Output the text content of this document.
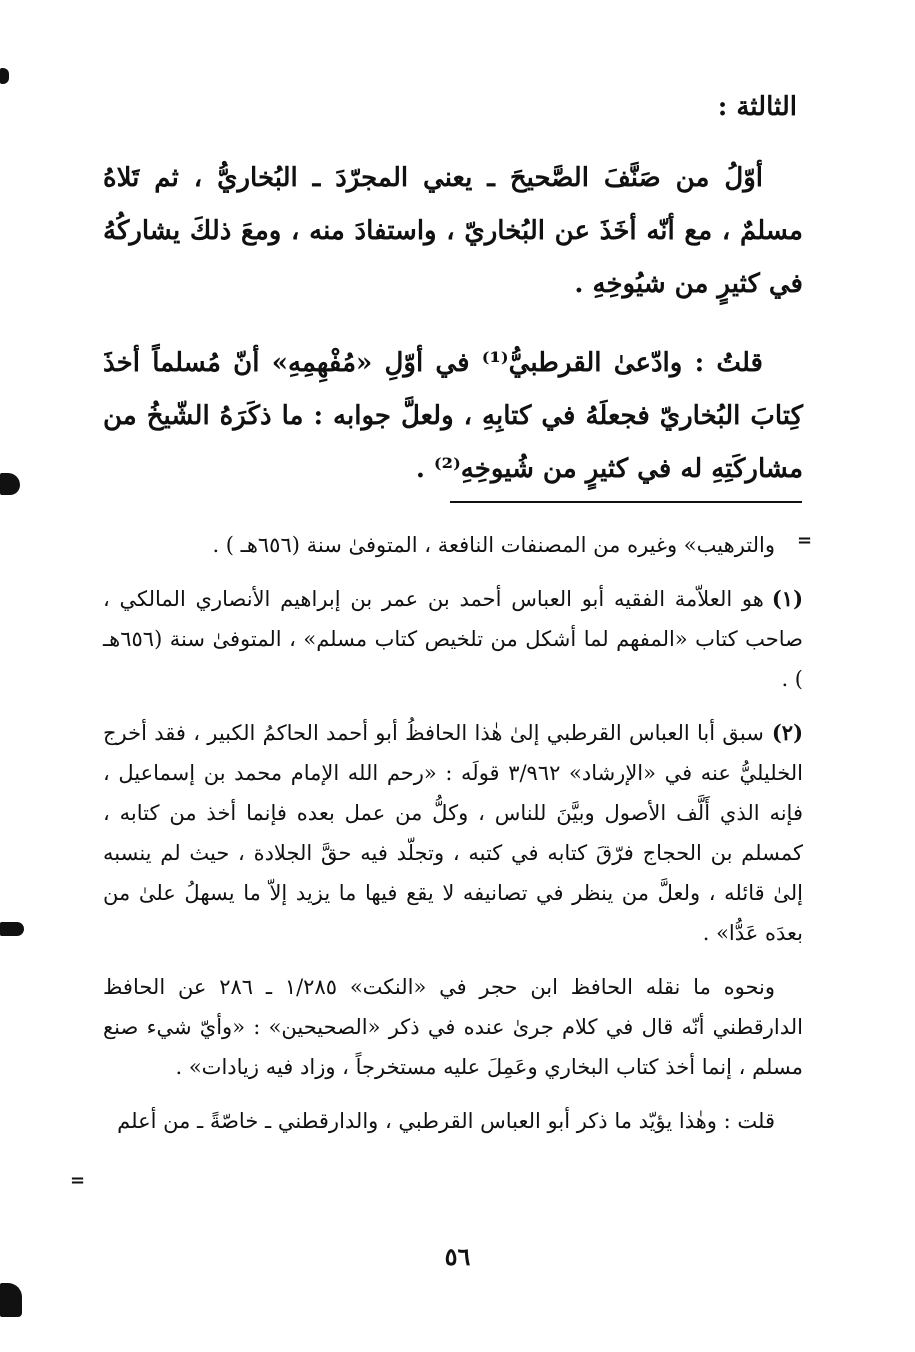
الثالثة :

أوّلُ من صَنَّفَ الصَّحيحَ ـ يعني المجرّدَ ـ البُخاريُّ ، ثم تَلاهُ مسلمٌ ، مع أنّه أخَذَ عن البُخاريّ ، واستفادَ منه ، ومعَ ذلكَ يشاركُهُ في كثيرٍ من شيُوخِهِ .

قلتُ : وادّعىٰ القرطبيُّ⁽¹⁾ في أوّلِ «مُفْهِمِهِ» أنّ مُسلماً أخذَ كِتابَ البُخاريّ فجعلَهُ في كتابِهِ ، ولعلَّ جوابه : ما ذكَرَهُ الشّيخُ من مشاركَتِهِ له في كثيرٍ من شُيوخِهِ⁽²⁾ .

=

والترهيب» وغيره من المصنفات النافعة ، المتوفىٰ سنة (٦٥٦هـ ) .

(١)هو العلاّمة الفقيه أبو العباس أحمد بن عمر بن إبراهيم الأنصاري المالكي ، صاحب كتاب «المفهم لما أشكل من تلخيص كتاب مسلم» ، المتوفىٰ سنة (٦٥٦هـ ) .

(٢)سبق أبا العباس القرطبي إلىٰ هٰذا الحافظُ أبو أحمد الحاكمُ الكبير ، فقد أخرج الخليليُّ عنه في «الإرشاد» ٣/٩٦٢ قولَه : «رحم الله الإمام محمد بن إسماعيل ، فإنه الذي أَلَّف الأصول وبيَّنَ للناس ، وكلُّ من عمل بعده فإنما أخذ من كتابه ، كمسلم بن الحجاج فرّقَ كتابه في كتبه ، وتجلّد فيه حقَّ الجلادة ، حيث لم ينسبه إلىٰ قائله ، ولعلَّ من ينظر في تصانيفه لا يقع فيها ما يزيد إلاّ ما يسهلُ علىٰ من بعدَه عَدُّا» .

ونحوه ما نقله الحافظ ابن حجر في «النكت» ١/٢٨٥ ـ ٢٨٦ عن الحافظ الدارقطني أنّه قال في كلام جرىٰ عنده في ذكر «الصحيحين» : «وأيّ شيء صنع مسلم ، إنما أخذ كتاب البخاري وعَمِلَ عليه مستخرجاً ، وزاد فيه زيادات» .

قلت : وهٰذا يؤيّد ما ذكر أبو العباس القرطبي ، والدارقطني ـ خاصّةً ـ من أعلم

=
٥٦
